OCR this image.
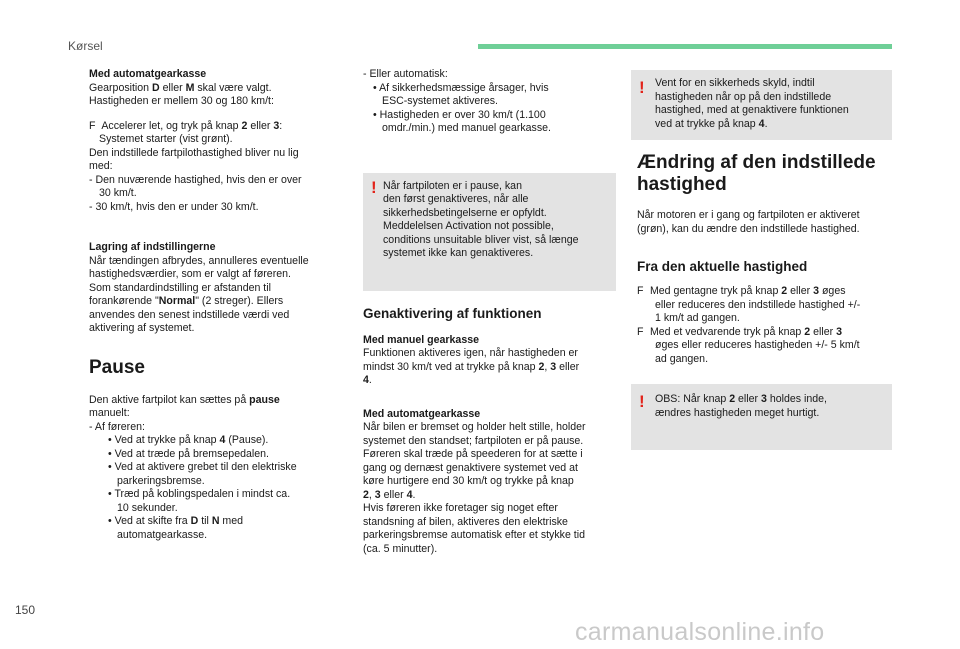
Kørsel

Med automatgearkasse

Gearposition D eller M skal være valgt.

Hastigheden er mellem 30 og 180 km/t:

F Accelerer let, og tryk på knap 2 eller 3:

Systemet starter (vist grønt).

Den indstillede fartpilothastighed bliver nu lig

med:

- Den nuværende hastighed, hvis den er over

30 km/t.

- 30 km/t, hvis den er under 30 km/t.

Lagring af indstillingerne

Når tændingen afbrydes, annulleres eventuelle

hastighedsværdier, som er valgt af føreren.

Som standardindstilling er afstanden til

forankørende "Normal" (2 streger). Ellers

anvendes den senest indstillede værdi ved

aktivering af systemet.

Pause

Den aktive fartpilot kan sættes på pause

manuelt:

- Af føreren:

• Ved at trykke på knap 4 (Pause).

• Ved at træde på bremsepedalen.

• Ved at aktivere grebet til den elektriske

parkeringsbremse.

• Træd på koblingspedalen i mindst ca.

10 sekunder.

• Ved at skifte fra D til N med

automatgearkasse.

- Eller automatisk:

• Af sikkerhedsmæssige årsager, hvis

ESC-systemet aktiveres.

• Hastigheden er over 30 km/t (1.100

omdr./min.) med manuel gearkasse.

! Når fartpiloten er i pause, kan

den først genaktiveres, når alle

sikkerhedsbetingelserne er opfyldt.

Meddelelsen Activation not possible,

conditions unsuitable bliver vist, så længe

systemet ikke kan genaktiveres.

Genaktivering af funktionen

Med manuel gearkasse

Funktionen aktiveres igen, når hastigheden er

mindst 30 km/t ved at trykke på knap 2, 3 eller

4.

Med automatgearkasse

Når bilen er bremset og holder helt stille, holder

systemet den standset; fartpiloten er på pause.

Føreren skal træde på speederen for at sætte i

gang og dernæst genaktivere systemet ved at

køre hurtigere end 30 km/t og trykke på knap

2, 3 eller 4.

Hvis føreren ikke foretager sig noget efter

standsning af bilen, aktiveres den elektriske

parkeringsbremse automatisk efter et stykke tid

(ca. 5 minutter).

! Vent for en sikkerheds skyld, indtil

hastigheden når op på den indstillede

hastighed, med at genaktivere funktionen

ved at trykke på knap 4.

Ændring af den indstillede
hastighed

Når motoren er i gang og fartpiloten er aktiveret

(grøn), kan du ændre den indstillede hastighed.

Fra den aktuelle hastighed

F Med gentagne tryk på knap 2 eller 3 øges

eller reduceres den indstillede hastighed +/-

1 km/t ad gangen.

F Med et vedvarende tryk på knap 2 eller 3

øges eller reduceres hastigheden +/- 5 km/t

ad gangen.

! OBS: Når knap 2 eller 3 holdes inde,

ændres hastigheden meget hurtigt.

150
carmanualsonline.info
